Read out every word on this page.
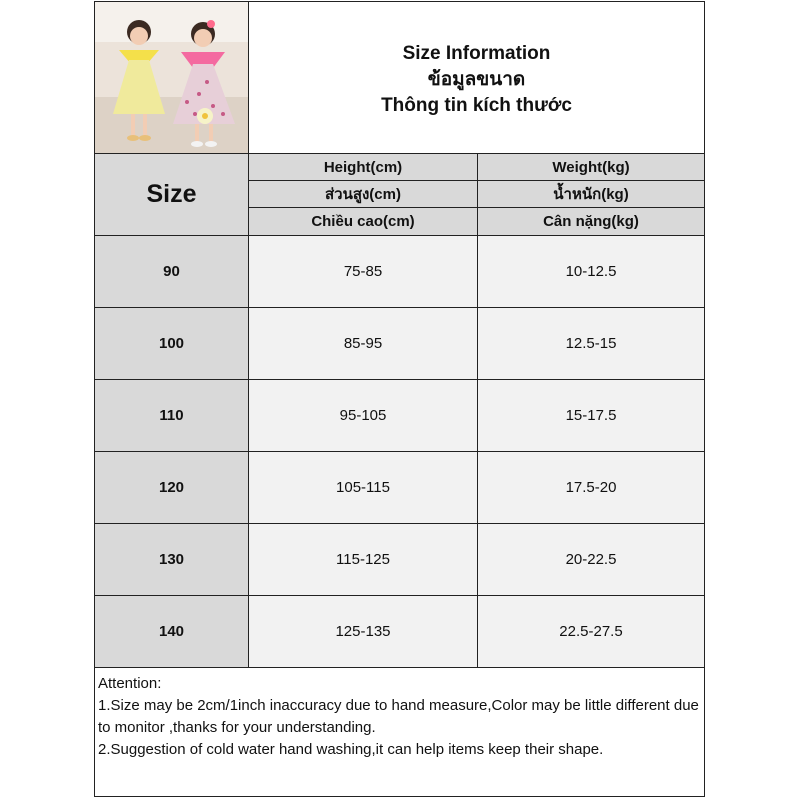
Size Information
ข้อมูลขนาด
Thông tin kích thước
Size
Height(cm)
ส่วนสูง(cm)
Chiều cao(cm)
Weight(kg)
น้ำหนัก(kg)
Cân nặng(kg)
90	75-85	10-12.5
100	85-95	12.5-15
110	95-105	15-17.5
120	105-115	17.5-20
130	115-125	20-22.5
140	125-135	22.5-27.5

Attention:

1.Size may be 2cm/1inch inaccuracy due to hand measure,Color may be little different due to monitor ,thanks for your understanding.

2.Suggestion of cold water hand washing,it can help items keep their shape.
